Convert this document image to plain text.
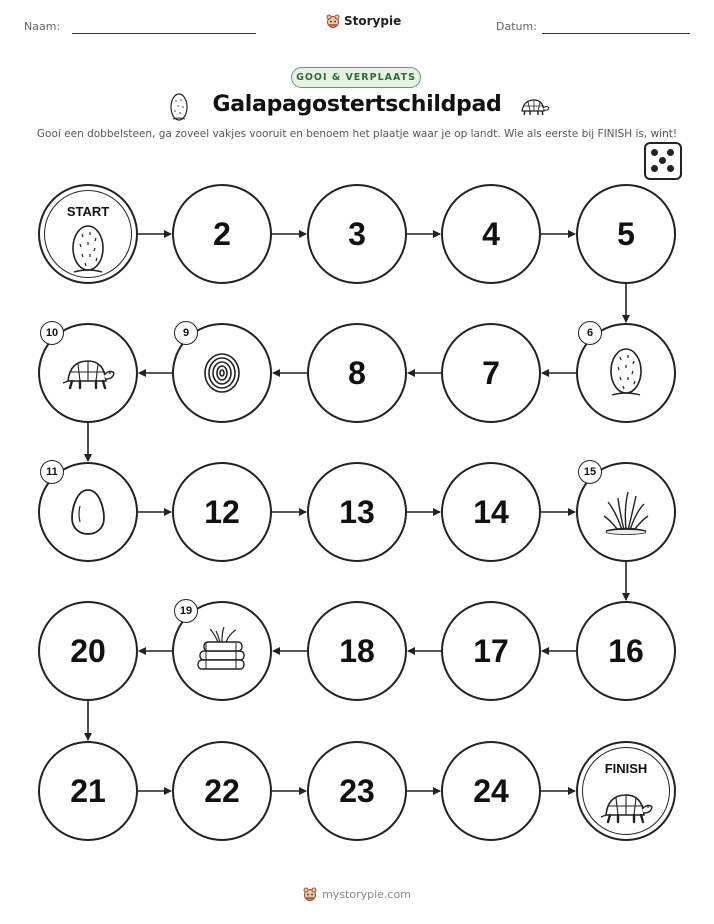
Naam:	Storypie	Datum:
GOOI & VERPLAATS
Galapagostertschildpad
Gooi een dobbelsteen, ga zoveel vakjes vooruit en benoem het plaatje waar je op landt. Wie als eerste bij FINISH is, wint!
START
2	3	4	5
6
7
8
9
10
11
12	13	14
15
16
17
18
19
20
21	22	23	24
FINISH
mystorypie.com
